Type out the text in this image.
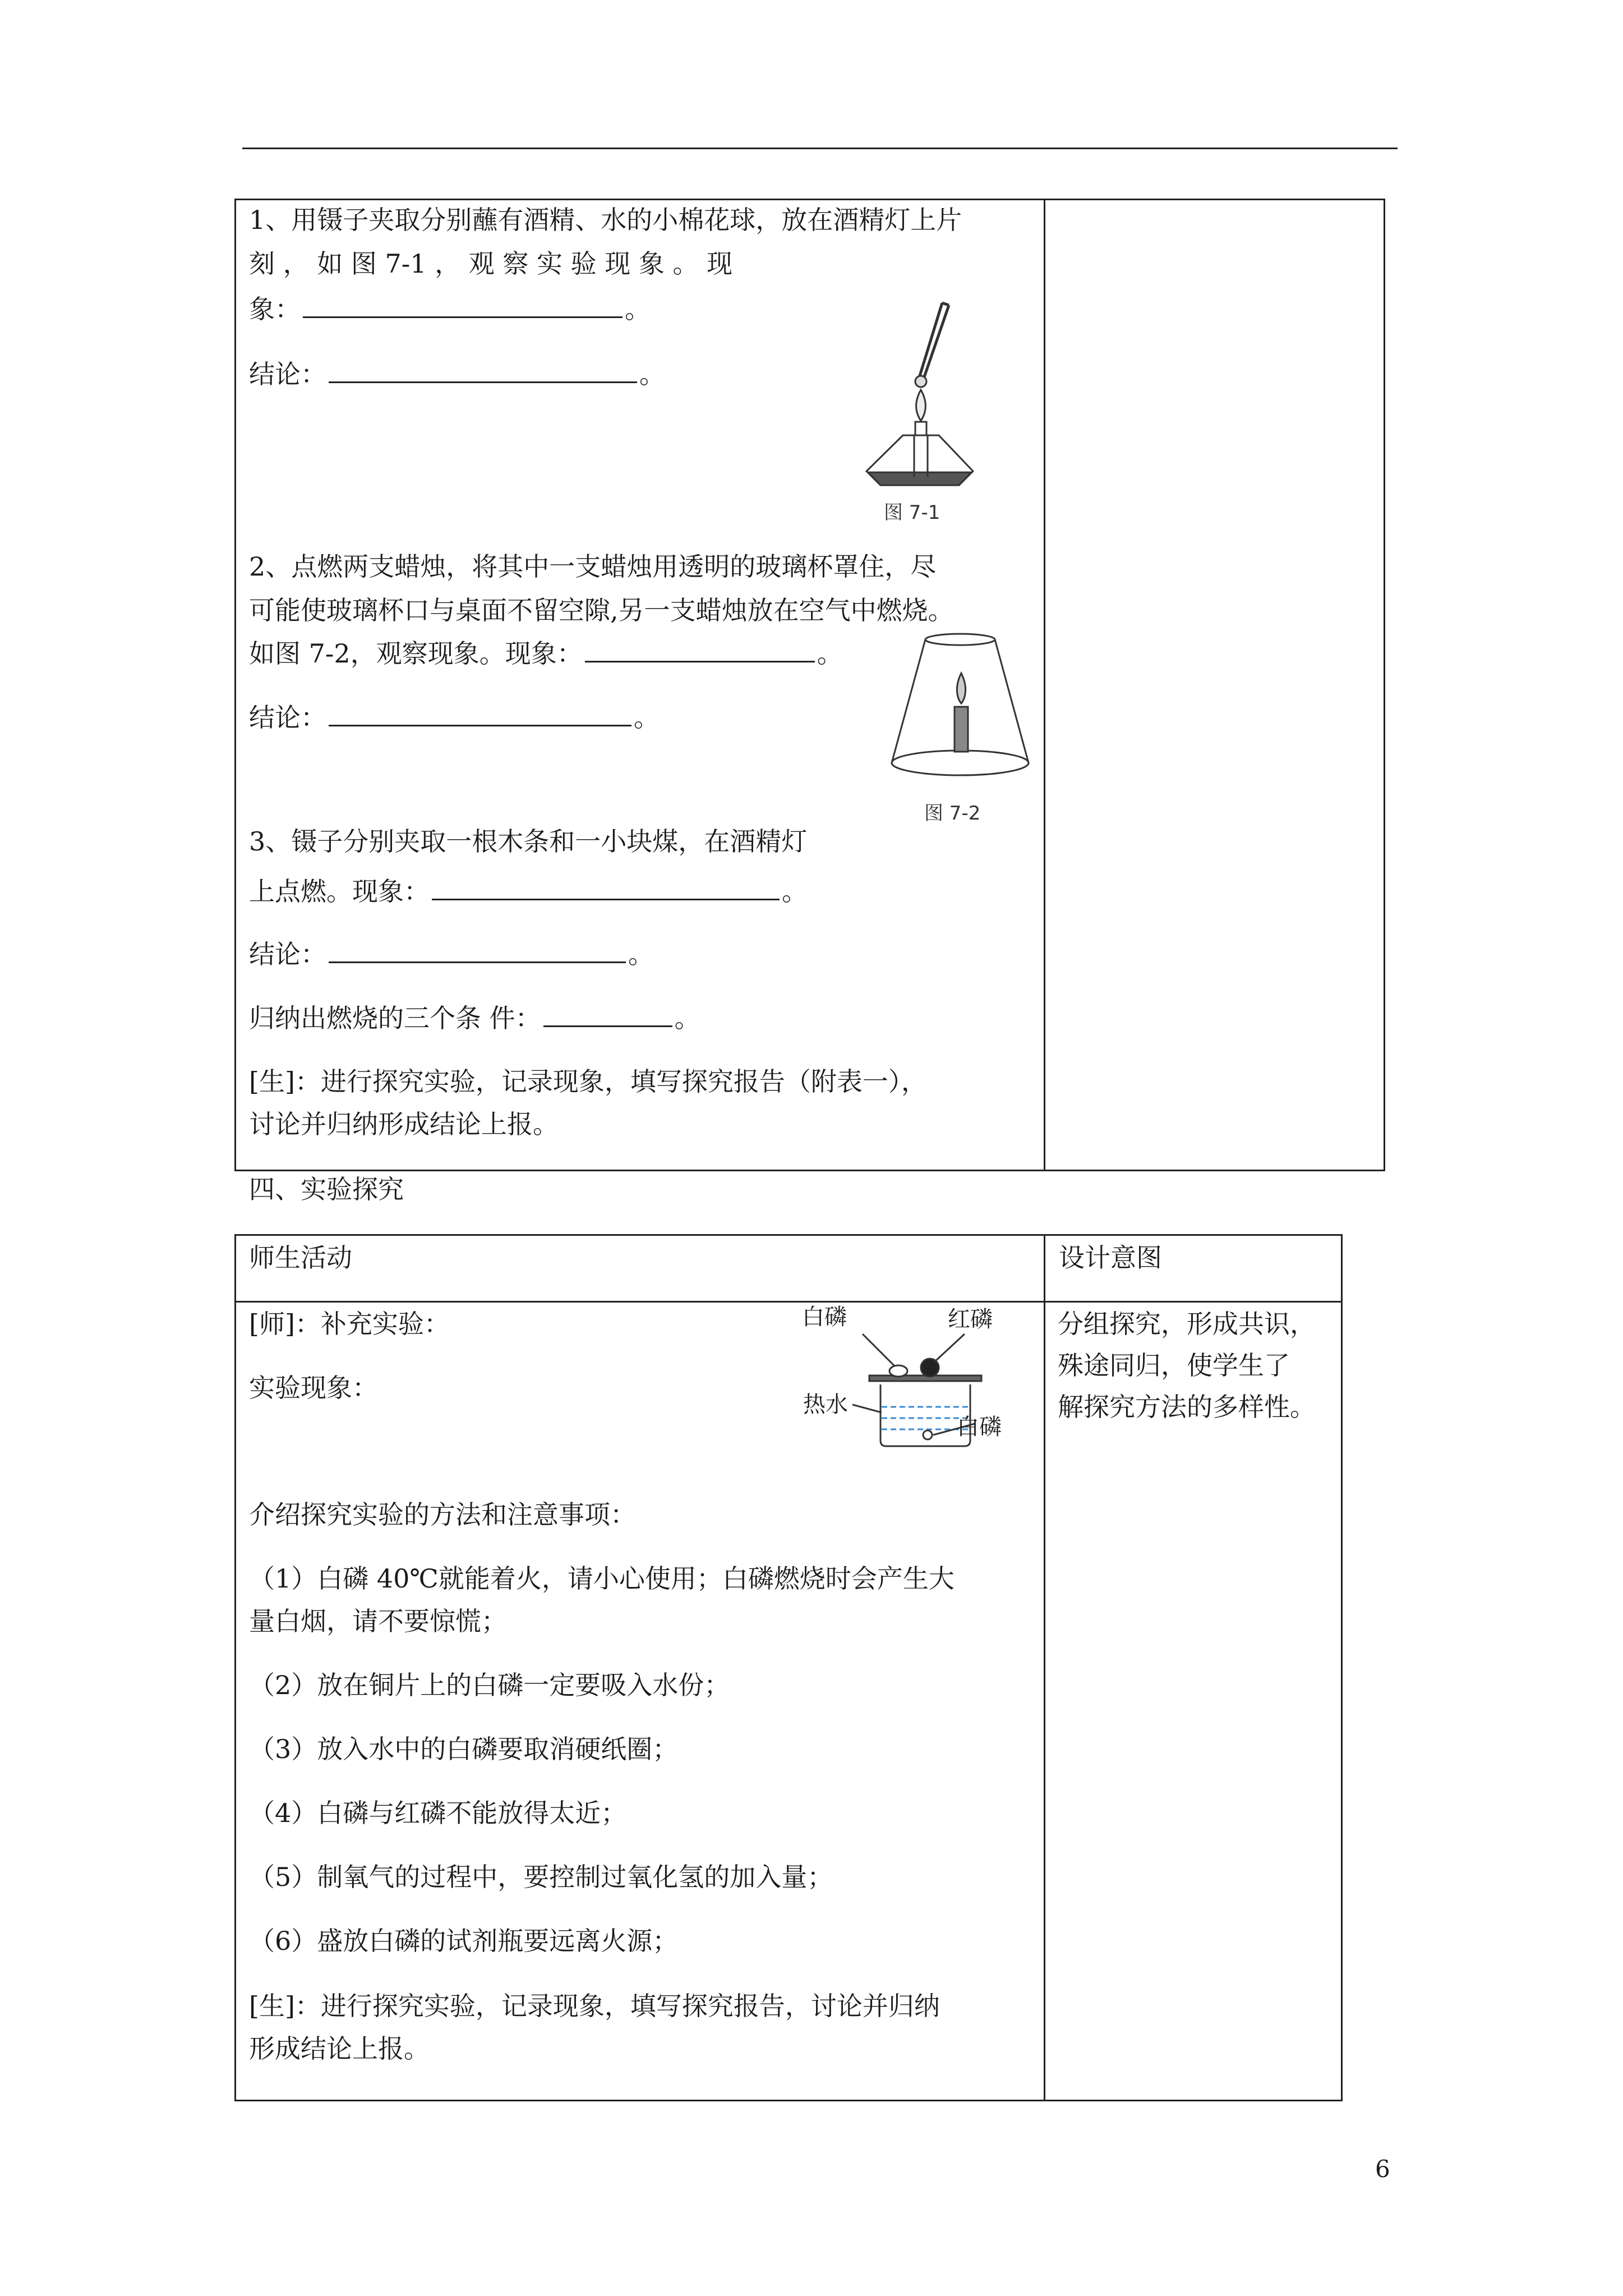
1、用镊子夹取分别蘸有酒精、水的小棉花球，放在酒精灯上片
刻 ， 如 图 7-1 ， 观 察 实 验 现 象 。 现
象：	。
结论：	。
图 7-1
2、点燃两支蜡烛，将其中一支蜡烛用透明的玻璃杯罩住，尽
可能使玻璃杯口与桌面不留空隙,另一支蜡烛放在空气中燃烧。
如图 7-2，观察现象。现象：	。
结论：	。
图 7-2
3、镊子分别夹取一根木条和一小块煤，在酒精灯
上点燃。现象：	。
结论：	。
归纳出燃烧的三个条 件：	。
[生]：进行探究实验，记录现象，填写探究报告（附表一），
讨论并归纳形成结论上报。
四、实验探究
师生活动	设计意图
[师]：补充实验：
实验现象：
白磷	红磷
热水
白磷
介绍探究实验的方法和注意事项：
（1）白磷 40℃就能着火，请小心使用；白磷燃烧时会产生大
量白烟，请不要惊慌；
（2）放在铜片上的白磷一定要吸入水份；
（3）放入水中的白磷要取消硬纸圈；
（4）白磷与红磷不能放得太近；
（5）制氧气的过程中，要控制过氧化氢的加入量；
（6）盛放白磷的试剂瓶要远离火源；
[生]：进行探究实验，记录现象，填写探究报告，讨论并归纳
形成结论上报。
分组探究，形成共识，
殊途同归，使学生了
解探究方法的多样性。
6
